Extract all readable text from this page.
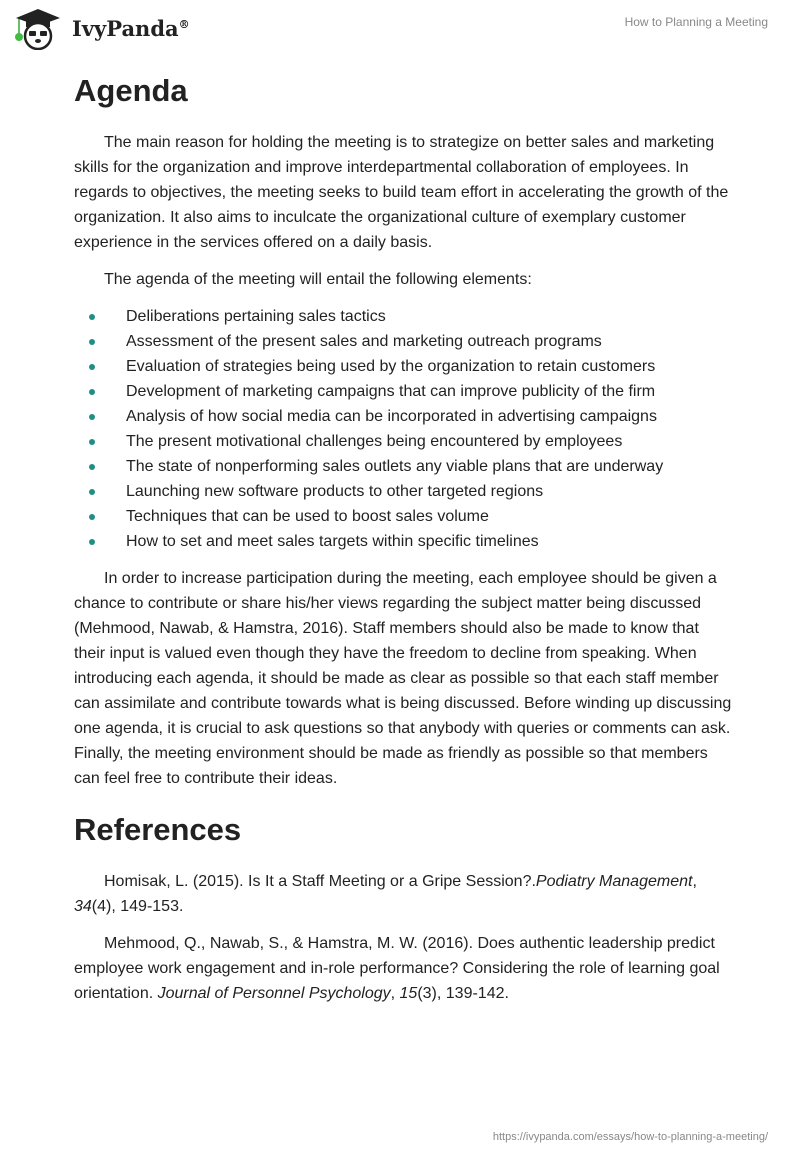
IvyPanda®	How to Planning a Meeting
Agenda

The main reason for holding the meeting is to strategize on better sales and marketing skills for the organization and improve interdepartmental collaboration of employees. In regards to objectives, the meeting seeks to build team effort in accelerating the growth of the organization. It also aims to inculcate the organizational culture of exemplary customer experience in the services offered on a daily basis.

The agenda of the meeting will entail the following elements:

Deliberations pertaining sales tactics
Assessment of the present sales and marketing outreach programs
Evaluation of strategies being used by the organization to retain customers
Development of marketing campaigns that can improve publicity of the firm
Analysis of how social media can be incorporated in advertising campaigns
The present motivational challenges being encountered by employees
The state of nonperforming sales outlets any viable plans that are underway
Launching new software products to other targeted regions
Techniques that can be used to boost sales volume
How to set and meet sales targets within specific timelines

In order to increase participation during the meeting, each employee should be given a chance to contribute or share his/her views regarding the subject matter being discussed (Mehmood, Nawab, & Hamstra, 2016). Staff members should also be made to know that their input is valued even though they have the freedom to decline from speaking. When introducing each agenda, it should be made as clear as possible so that each staff member can assimilate and contribute towards what is being discussed. Before winding up discussing one agenda, it is crucial to ask questions so that anybody with queries or comments can ask. Finally, the meeting environment should be made as friendly as possible so that members can feel free to contribute their ideas.

References

Homisak, L. (2015). Is It a Staff Meeting or a Gripe Session?.Podiatry Management, 34(4), 149-153.

Mehmood, Q., Nawab, S., & Hamstra, M. W. (2016). Does authentic leadership predict employee work engagement and in-role performance? Considering the role of learning goal orientation. Journal of Personnel Psychology, 15(3), 139-142.

https://ivypanda.com/essays/how-to-planning-a-meeting/
